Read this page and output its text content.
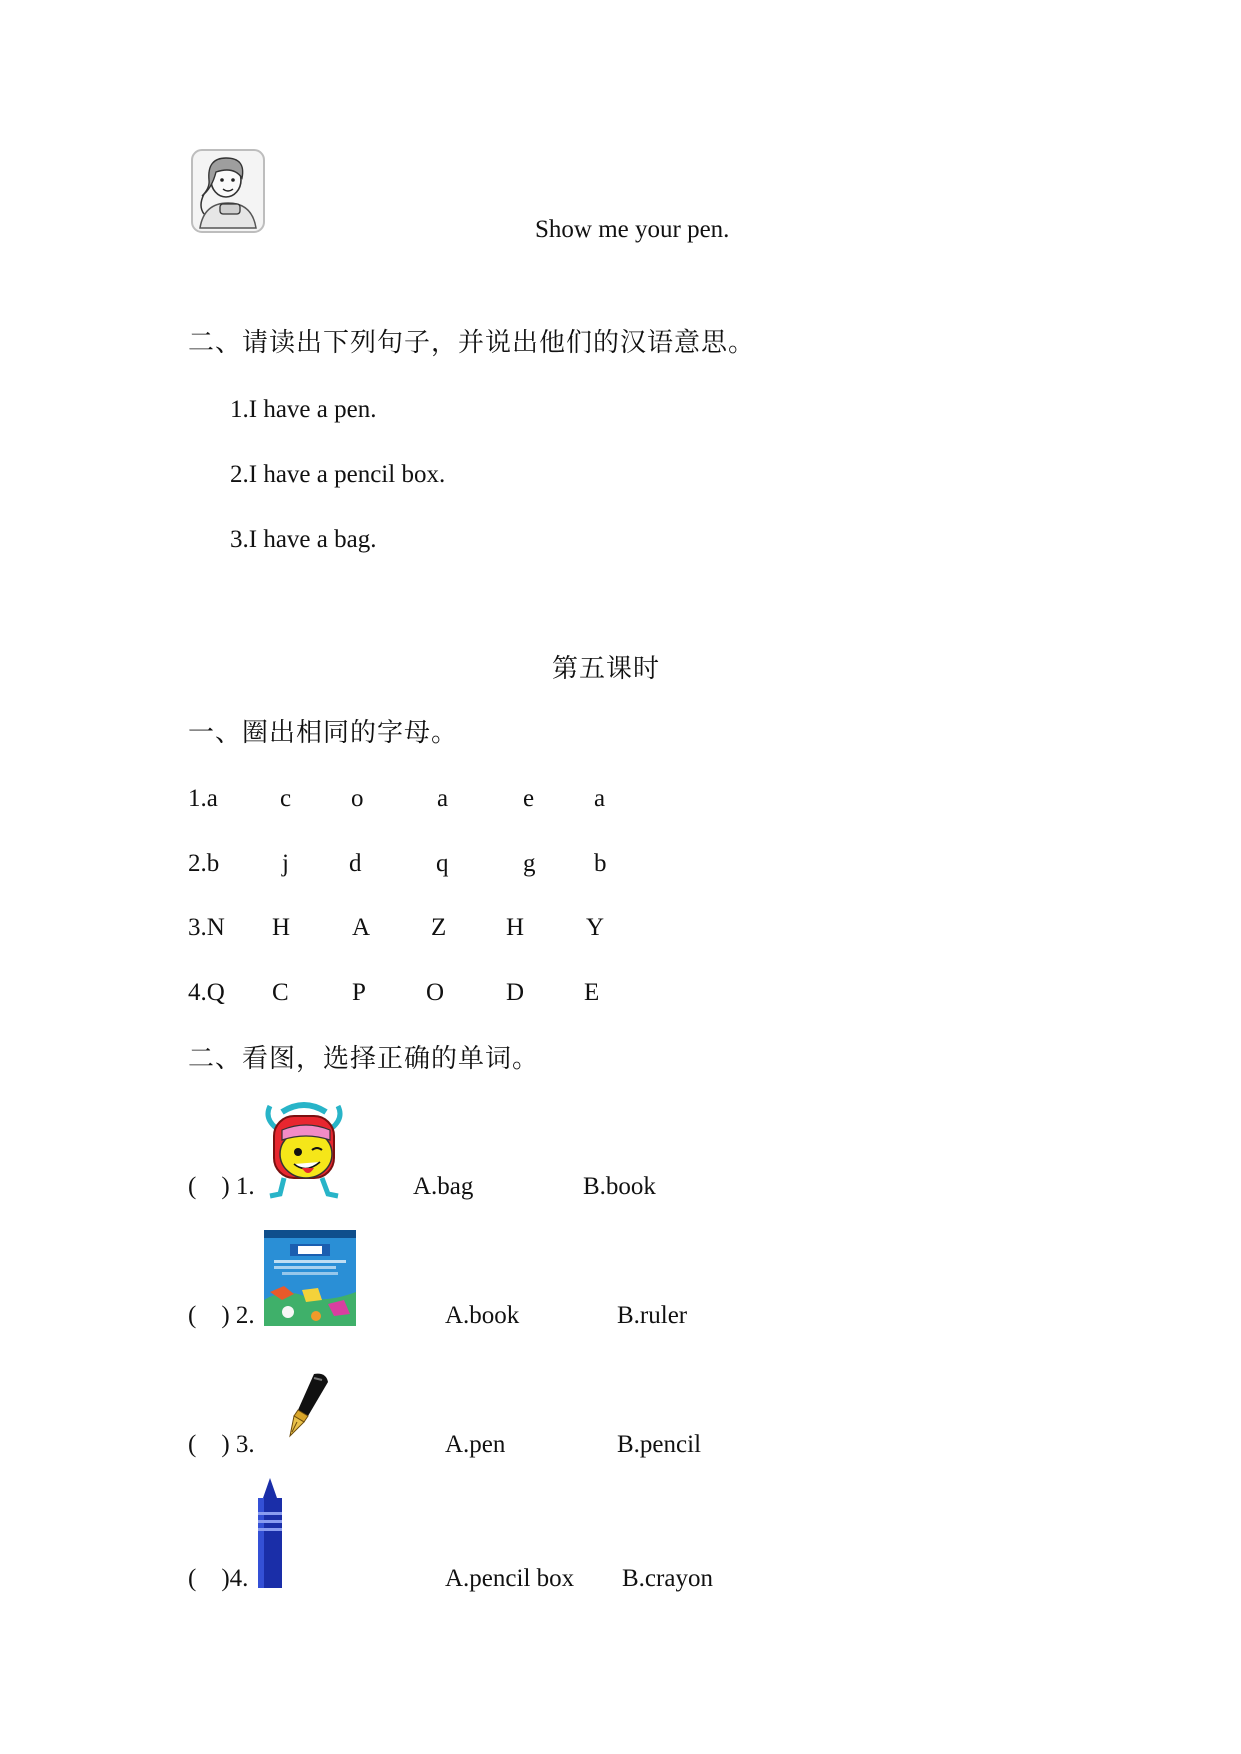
Show me your pen.
二、请读出下列句子，并说出他们的汉语意思。
1.I have a pen.
2.I have a pencil box.
3.I have a bag.
第五课时
一、圈出相同的字母。
1.a c o	a	e a
2.b	j d	q	g b
3.N H A Z H Y
4.Q C	P O D E
二、看图，选择正确的单词。
(    ) 1.	A.bag	B.book
(    ) 2.	A.book	B.ruler
(    ) 3.	A.pen	B.pencil
(    )4.	A.pencil box B.crayon
